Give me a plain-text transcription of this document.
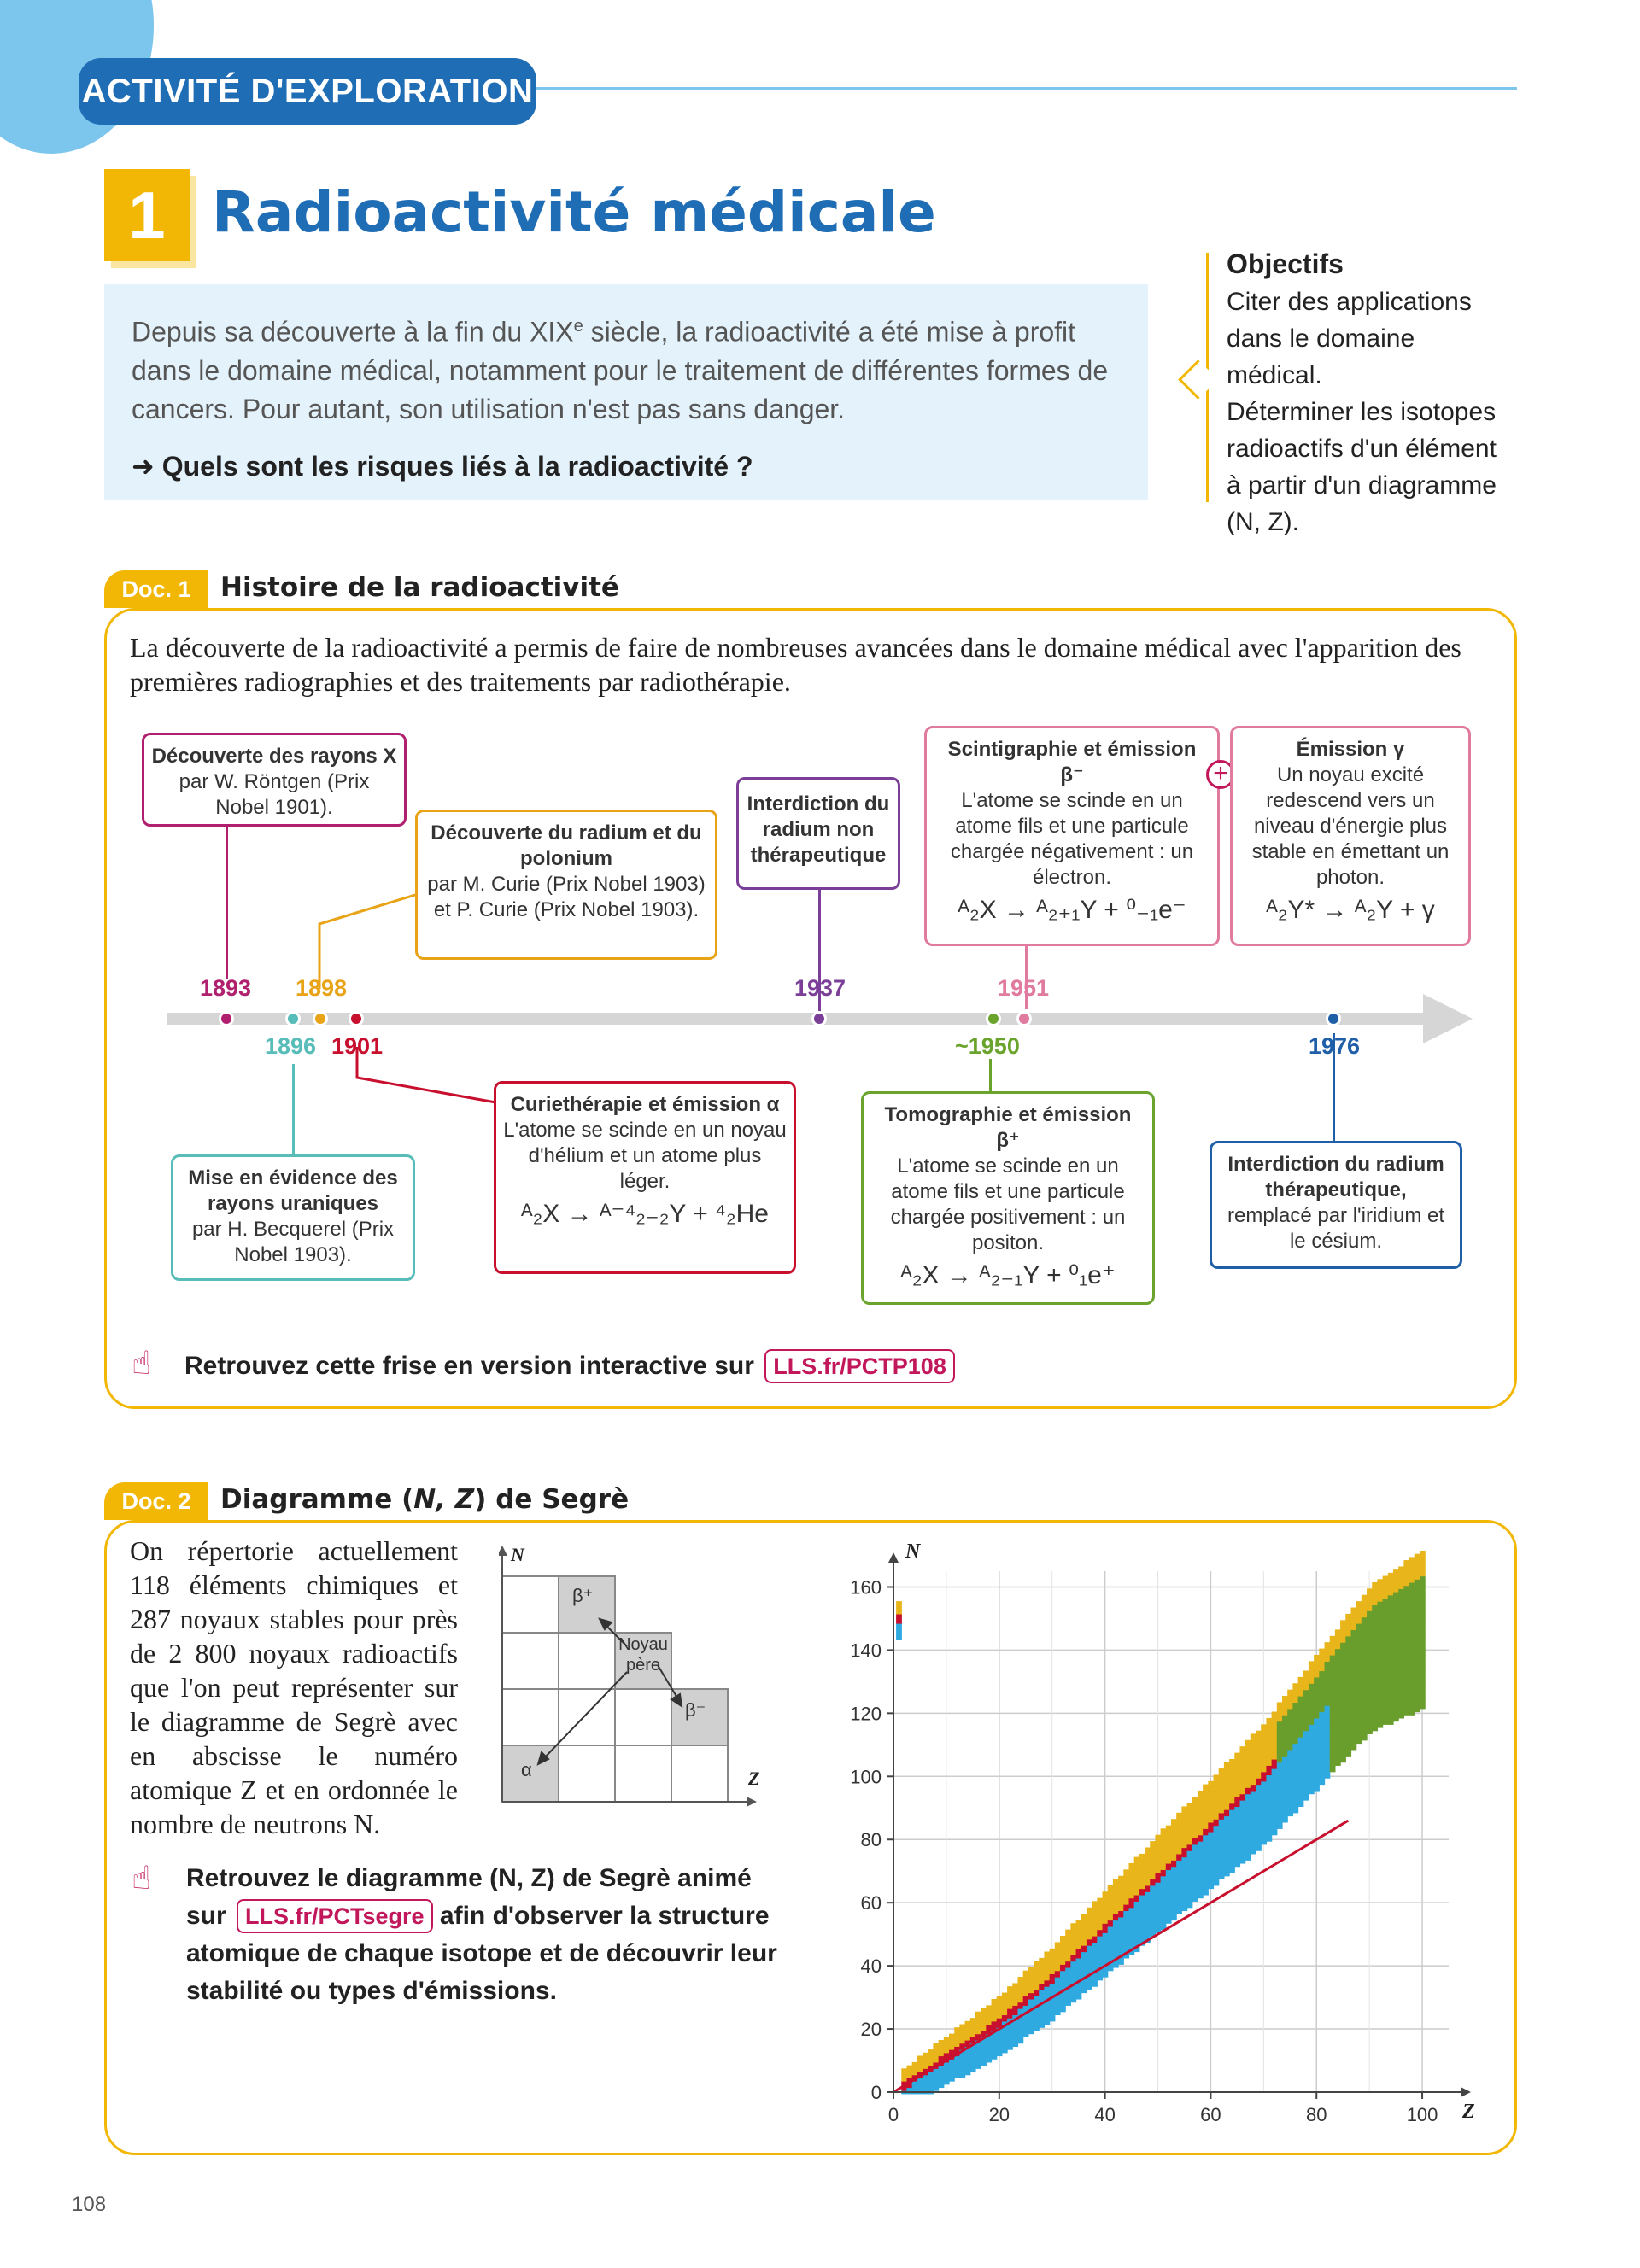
ACTIVITÉ D'EXPLORATION
1 Radioactivité médicale
Depuis sa découverte à la fin du XIXe siècle, la radioactivité a été mise à profit dans le domaine médical, notamment pour le traitement de différentes formes de cancers. Pour autant, son utilisation n'est pas sans danger.
➜ Quels sont les risques liés à la radioactivité ?
Objectifs
Citer des applications dans le domaine médical.
Déterminer les isotopes radioactifs d'un élément à partir d'un diagramme (N, Z).
Doc. 1	Histoire de la radioactivité
La découverte de la radioactivité a permis de faire de nombreuses avancées dans le domaine médical avec l'apparition des premières radiographies et des traitements par radiothérapie.
1893 1898	1937	1951
1896 1901	~1950	1976
Découverte des rayons X
par W. Röntgen (Prix Nobel 1901).
Découverte du radium et du polonium
par M. Curie (Prix Nobel 1903) et P. Curie (Prix Nobel 1903).
Interdiction du radium non thérapeutique
Scintigraphie et émission β⁻
L'atome se scinde en un atome fils et une particule chargée négativement : un électron.
ᴬ₂X → ᴬ₂₊₁Y + ⁰₋₁e⁻
+
Émission γ
Un noyau excité redescend vers un niveau d'énergie plus stable en émettant un photon.
ᴬ₂Y* → ᴬ₂Y + γ
Mise en évidence des rayons uraniques
par H. Becquerel (Prix Nobel 1903).
Curiethérapie et émission α
L'atome se scinde en un noyau d'hélium et un atome plus léger.
ᴬ₂X → ᴬ⁻⁴₂₋₂Y + ⁴₂He
Tomographie et émission β⁺
L'atome se scinde en un atome fils et une particule chargée positivement : un positon.
ᴬ₂X → ᴬ₂₋₁Y + ⁰₁e⁺
Interdiction du radium thérapeutique,
remplacé par l'iridium et le césium.
☝ Retrouvez cette frise en version interactive sur LLS.fr/PCTP108
Doc. 2	Diagramme (N, Z) de Segrè
On répertorie actuellement 118 éléments chimiques et 287 noyaux stables pour près de 2 800 noyaux radioactifs que l'on peut représenter sur le diagramme de Segrè avec en abscisse le numéro atomique Z et en ordonnée le nombre de neutrons N.
N
Z
β⁺
Noyau père
β⁻
α
☝	Retrouvez le diagramme (N, Z) de Segrè animé sur LLS.fr/PCTsegre afin d'observer la structure atomique de chaque isotope et de découvrir leur stabilité ou types d'émissions.
0	20	40	60	80	100
0
20
40
60
80
100
120
140
160
N
Z
108
